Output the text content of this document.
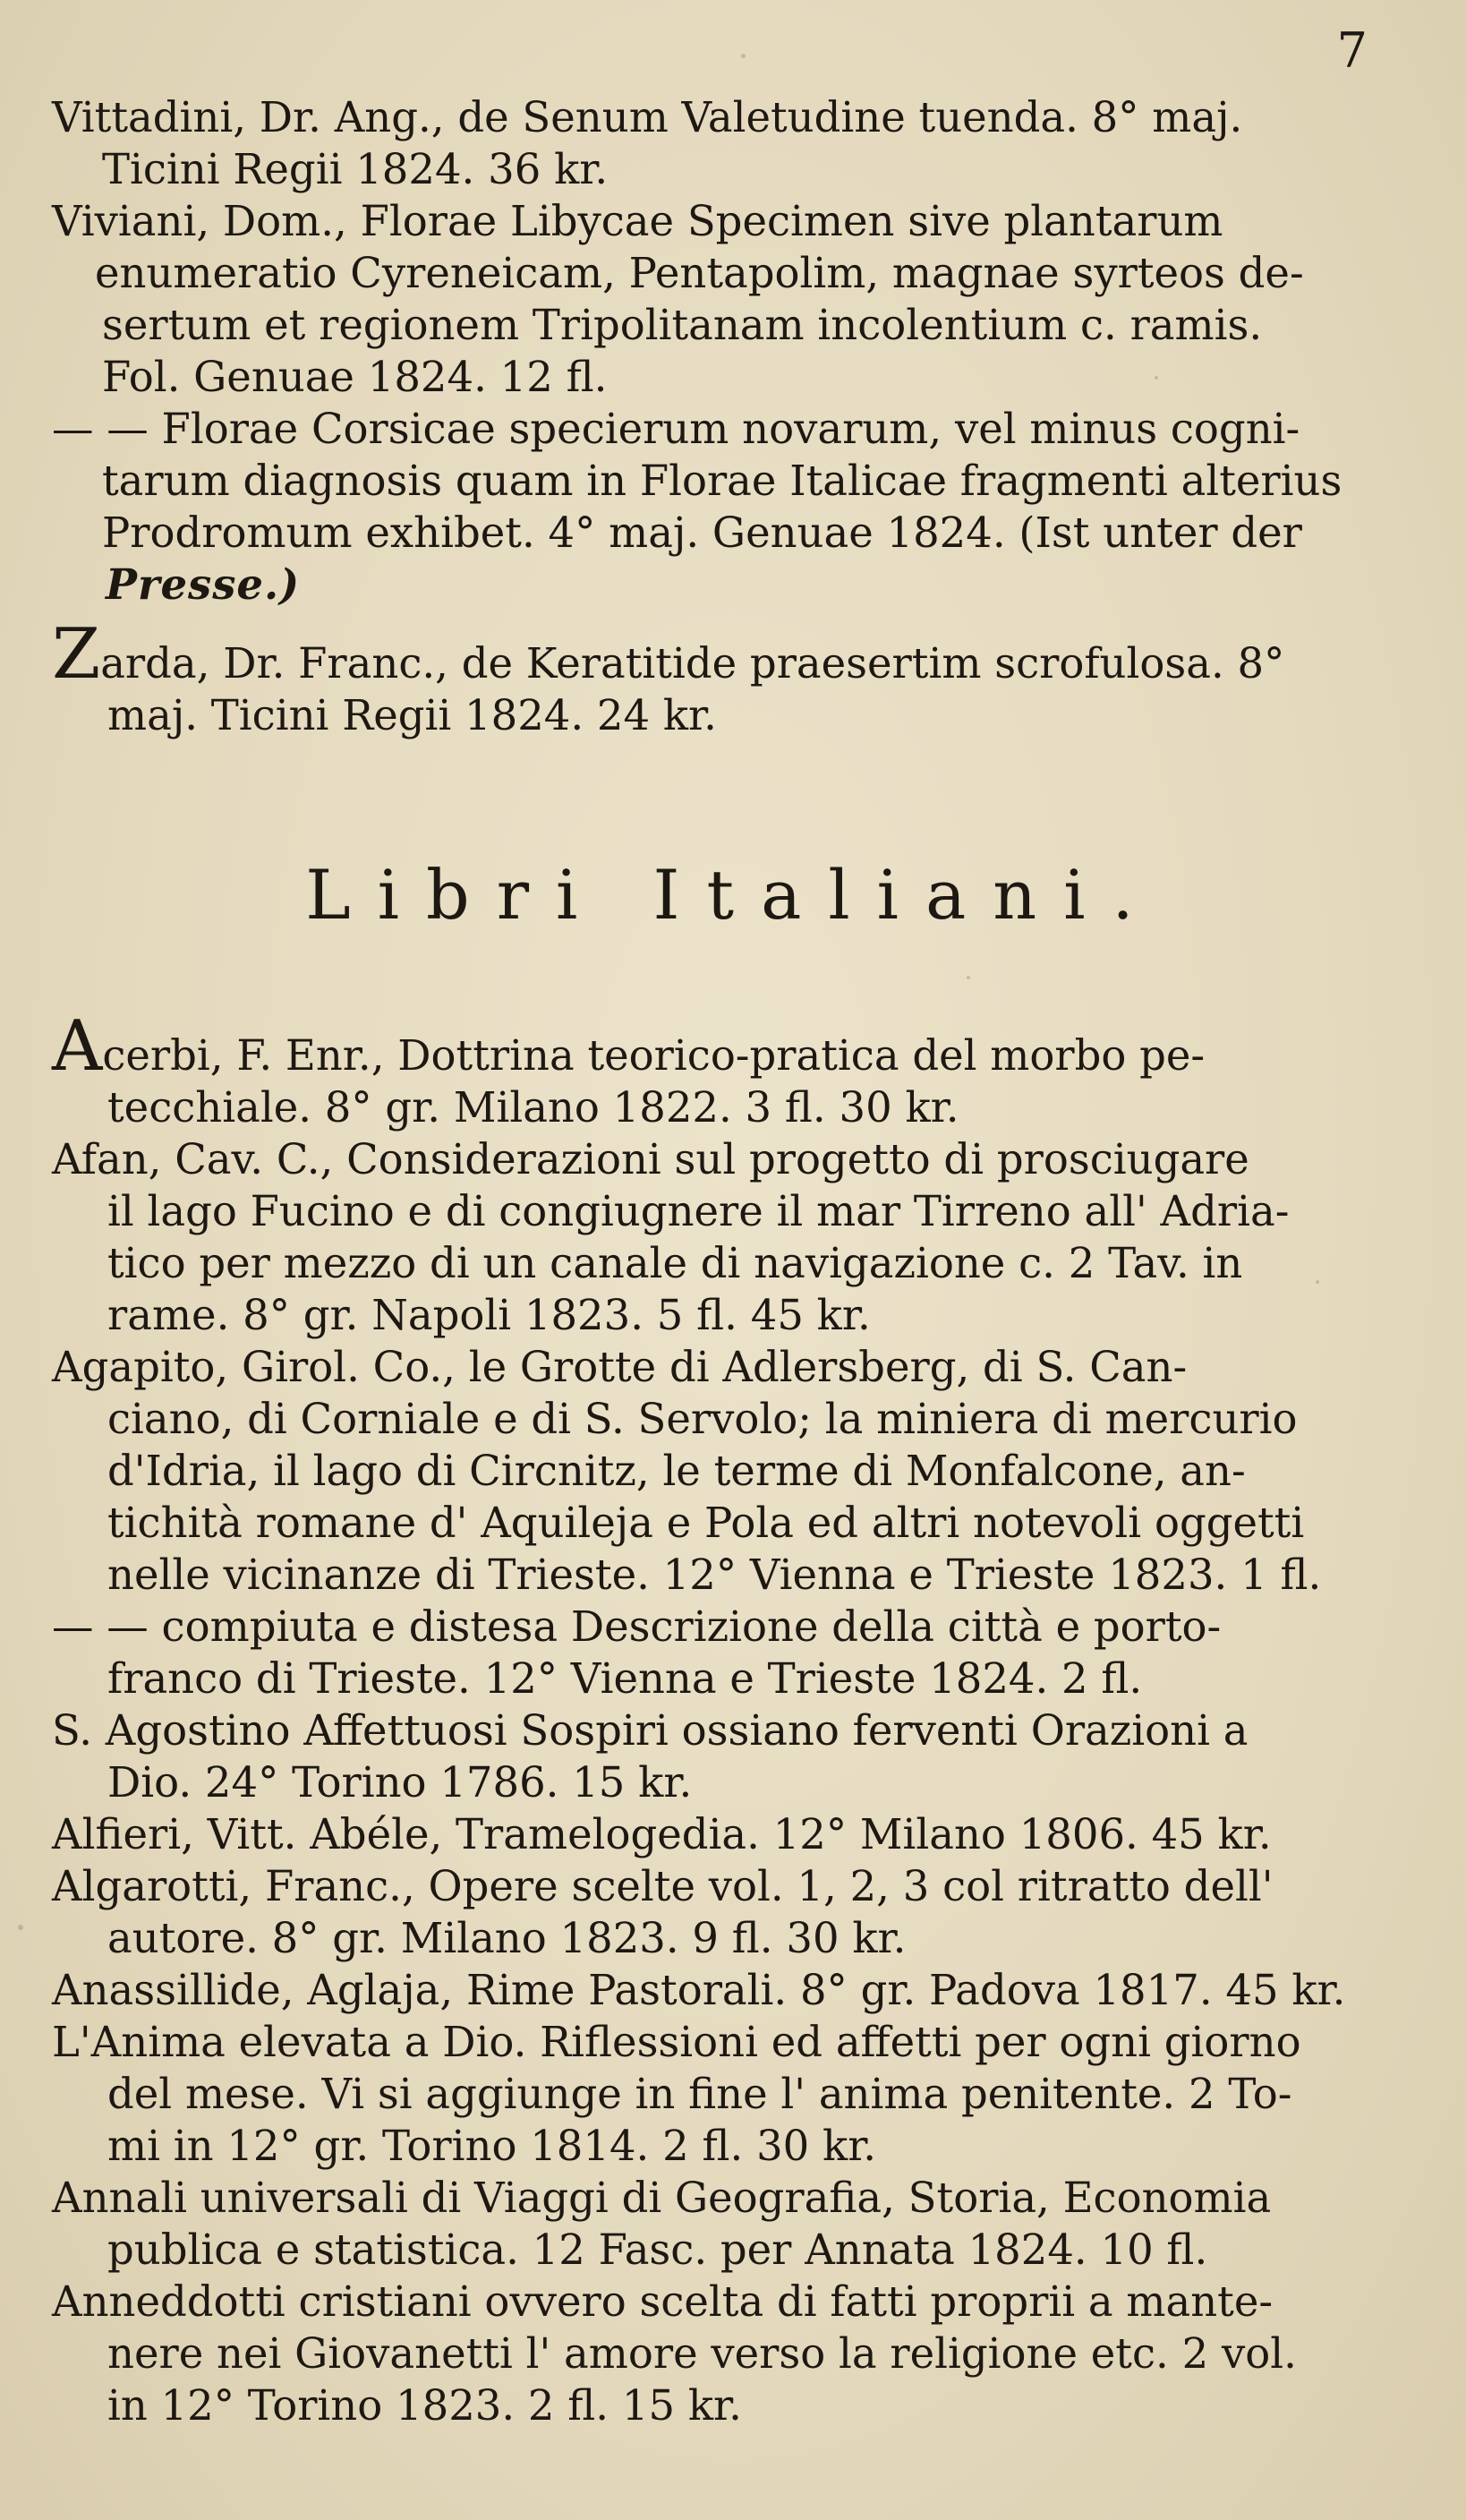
7
Vittadini, Dr. Ang., de Senum Valetudine tuenda. 8° maj.
Ticini Regii 1824. 36 kr.
Viviani, Dom., Florae Libycae Specimen sive plantarum
enumeratio Cyreneicam, Pentapolim, magnae syrteos de-
sertum et regionem Tripolitanam incolentium c. ramis.
Fol. Genuae 1824. 12 fl.
— — Florae Corsicae specierum novarum, vel minus cogni-
tarum diagnosis quam in Florae Italicae fragmenti alterius
Prodromum exhibet. 4° maj. Genuae 1824. (Ist unter der
Presse.)
Zarda, Dr. Franc., de Keratitide praesertim scrofulosa. 8°
maj. Ticini Regii 1824. 24 kr.
Libri Italiani.
Acerbi, F. Enr., Dottrina teorico-pratica del morbo pe-
tecchiale. 8° gr. Milano 1822. 3 fl. 30 kr.
Afan, Cav. C., Considerazioni sul progetto di prosciugare
il lago Fucino e di congiugnere il mar Tirreno all' Adria-
tico per mezzo di un canale di navigazione c. 2 Tav. in
rame. 8° gr. Napoli 1823. 5 fl. 45 kr.
Agapito, Girol. Co., le Grotte di Adlersberg, di S. Can-
ciano, di Corniale e di S. Servolo; la miniera di mercurio
d'Idria, il lago di Circnitz, le terme di Monfalcone, an-
tichità romane d' Aquileja e Pola ed altri notevoli oggetti
nelle vicinanze di Trieste. 12° Vienna e Trieste 1823. 1 fl.
— — compiuta e distesa Descrizione della città e porto-
franco di Trieste. 12° Vienna e Trieste 1824. 2 fl.
S. Agostino Affettuosi Sospiri ossiano ferventi Orazioni a
Dio. 24° Torino 1786. 15 kr.
Alfieri, Vitt. Abéle, Tramelogedia. 12° Milano 1806. 45 kr.
Algarotti, Franc., Opere scelte vol. 1, 2, 3 col ritratto dell'
autore. 8° gr. Milano 1823. 9 fl. 30 kr.
Anassillide, Aglaja, Rime Pastorali. 8° gr. Padova 1817. 45 kr.
L'Anima elevata a Dio. Riflessioni ed affetti per ogni giorno
del mese. Vi si aggiunge in fine l' anima penitente. 2 To-
mi in 12° gr. Torino 1814. 2 fl. 30 kr.
Annali universali di Viaggi di Geografia, Storia, Economia
publica e statistica. 12 Fasc. per Annata 1824. 10 fl.
Anneddotti cristiani ovvero scelta di fatti proprii a mante-
nere nei Giovanetti l' amore verso la religione etc. 2 vol.
in 12° Torino 1823. 2 fl. 15 kr.
